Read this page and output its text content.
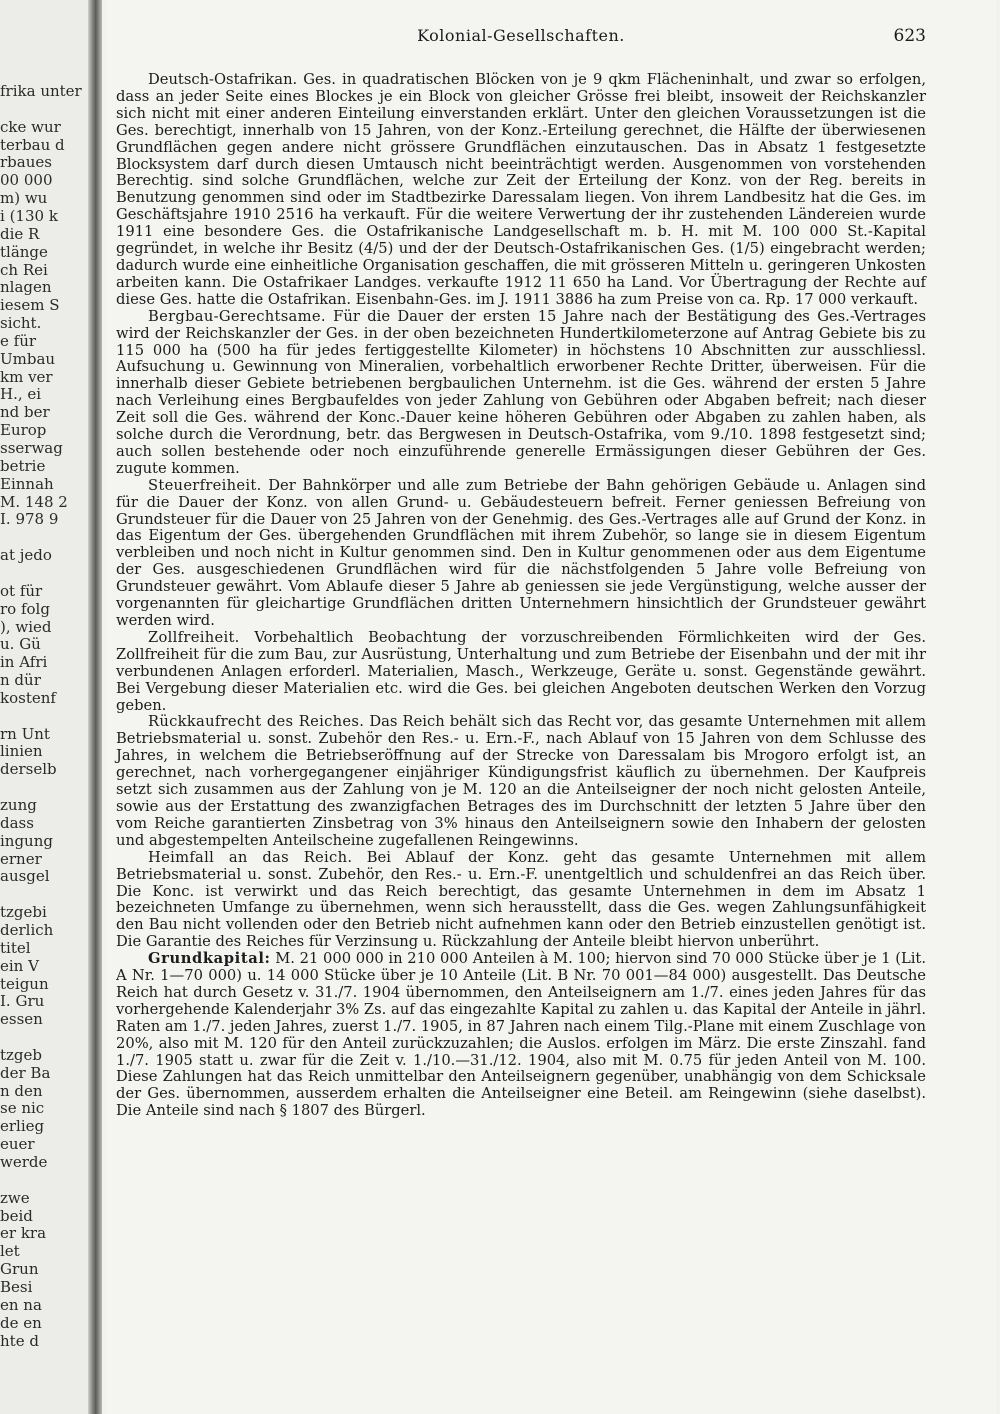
frika unter
cke wur
terbau d
rbaues
00 000
m) wu
i (130 k
die R
tlänge
ch Rei
nlagen
iesem S
sicht.
e für
Umbau
km ver
H., ei
nd ber
Europ
sserwag
betrie
Einnah
M. 148 2
I. 978 9
at jedo
ot für
ro folg
), wied
u. Gü
in Afri
n dür
kostenf
rn Unt
linien
derselb
zung
dass
ingung
erner
ausgel
tzgebi
derlich
titel
ein V
teigun
I. Gru
essen
tzgeb
der Ba
n den
se nic
erlieg
euer
werde
zwe
beid
er kra
let
Grun
Besi
en na
de en
hte d
Kolonial-Gesellschaften.	623

Deutsch-Ostafrikan. Ges. in quadratischen Blöcken von je 9 qkm Flächeninhalt, und zwar so erfolgen, dass an jeder Seite eines Blockes je ein Block von gleicher Grösse frei bleibt, insoweit der Reichskanzler sich nicht mit einer anderen Einteilung einverstanden erklärt. Unter den gleichen Voraussetzungen ist die Ges. berechtigt, innerhalb von 15 Jahren, von der Konz.-Erteilung gerechnet, die Hälfte der überwiesenen Grundflächen gegen andere nicht grössere Grundflächen einzutauschen. Das in Absatz 1 festgesetzte Blocksystem darf durch diesen Umtausch nicht beeinträchtigt werden. Ausgenommen von vorstehenden Berechtig. sind solche Grundflächen, welche zur Zeit der Erteilung der Konz. von der Reg. bereits in Benutzung genommen sind oder im Stadtbezirke Daressalam liegen. Von ihrem Landbesitz hat die Ges. im Geschäftsjahre 1910 2516 ha verkauft. Für die weitere Verwertung der ihr zustehenden Ländereien wurde 1911 eine besondere Ges. die Ostafrikanische Landgesellschaft m. b. H. mit M. 100 000 St.-Kapital gegründet, in welche ihr Besitz (4/5) und der der Deutsch-Ostafrikanischen Ges. (1/5) eingebracht werden; dadurch wurde eine einheitliche Organisation geschaffen, die mit grösseren Mitteln u. geringeren Unkosten arbeiten kann. Die Ostafrikaer Landges. verkaufte 1912 11 650 ha Land. Vor Übertragung der Rechte auf diese Ges. hatte die Ostafrikan. Eisenbahn-Ges. im J. 1911 3886 ha zum Preise von ca. Rp. 17 000 verkauft.

Bergbau-Gerechtsame. Für die Dauer der ersten 15 Jahre nach der Bestätigung des Ges.-Vertrages wird der Reichskanzler der Ges. in der oben bezeichneten Hundertkilometerzone auf Antrag Gebiete bis zu 115 000 ha (500 ha für jedes fertiggestellte Kilometer) in höchstens 10 Abschnitten zur ausschliessl. Aufsuchung u. Gewinnung von Mineralien, vorbehaltlich erworbener Rechte Dritter, überweisen. Für die innerhalb dieser Gebiete betriebenen bergbaulichen Unternehm. ist die Ges. während der ersten 5 Jahre nach Verleihung eines Bergbaufeldes von jeder Zahlung von Gebühren oder Abgaben befreit; nach dieser Zeit soll die Ges. während der Konc.-Dauer keine höheren Gebühren oder Abgaben zu zahlen haben, als solche durch die Verordnung, betr. das Bergwesen in Deutsch-Ostafrika, vom 9./10. 1898 festgesetzt sind; auch sollen bestehende oder noch einzuführende generelle Ermässigungen dieser Gebühren der Ges. zugute kommen.

Steuerfreiheit. Der Bahnkörper und alle zum Betriebe der Bahn gehörigen Gebäude u. Anlagen sind für die Dauer der Konz. von allen Grund- u. Gebäudesteuern befreit. Ferner geniessen Befreiung von Grundsteuer für die Dauer von 25 Jahren von der Genehmig. des Ges.-Vertrages alle auf Grund der Konz. in das Eigentum der Ges. übergehenden Grundflächen mit ihrem Zubehör, so lange sie in diesem Eigentum verbleiben und noch nicht in Kultur genommen sind. Den in Kultur genommenen oder aus dem Eigentume der Ges. ausgeschiedenen Grundflächen wird für die nächstfolgenden 5 Jahre volle Befreiung von Grundsteuer gewährt. Vom Ablaufe dieser 5 Jahre ab geniessen sie jede Vergünstigung, welche ausser der vorgenannten für gleichartige Grundflächen dritten Unternehmern hinsichtlich der Grundsteuer gewährt werden wird.

Zollfreiheit. Vorbehaltlich Beobachtung der vorzuschreibenden Förmlichkeiten wird der Ges. Zollfreiheit für die zum Bau, zur Ausrüstung, Unterhaltung und zum Betriebe der Eisenbahn und der mit ihr verbundenen Anlagen erforderl. Materialien, Masch., Werkzeuge, Geräte u. sonst. Gegenstände gewährt. Bei Vergebung dieser Materialien etc. wird die Ges. bei gleichen Angeboten deutschen Werken den Vorzug geben.

Rückkaufrecht des Reiches. Das Reich behält sich das Recht vor, das gesamte Unternehmen mit allem Betriebsmaterial u. sonst. Zubehör den Res.- u. Ern.-F., nach Ablauf von 15 Jahren von dem Schlusse des Jahres, in welchem die Betriebseröffnung auf der Strecke von Daressalam bis Mrogoro erfolgt ist, an gerechnet, nach vorhergegangener einjähriger Kündigungsfrist käuflich zu übernehmen. Der Kaufpreis setzt sich zusammen aus der Zahlung von je M. 120 an die Anteilseigner der noch nicht gelosten Anteile, sowie aus der Erstattung des zwanzigfachen Betrages des im Durchschnitt der letzten 5 Jahre über den vom Reiche garantierten Zinsbetrag von 3% hinaus den Anteilseignern sowie den Inhabern der gelosten und abgestempelten Anteilscheine zugefallenen Reingewinns.

Heimfall an das Reich. Bei Ablauf der Konz. geht das gesamte Unternehmen mit allem Betriebsmaterial u. sonst. Zubehör, den Res.- u. Ern.-F. unentgeltlich und schuldenfrei an das Reich über. Die Konc. ist verwirkt und das Reich berechtigt, das gesamte Unternehmen in dem im Absatz 1 bezeichneten Umfange zu übernehmen, wenn sich herausstellt, dass die Ges. wegen Zahlungsunfähigkeit den Bau nicht vollenden oder den Betrieb nicht aufnehmen kann oder den Betrieb einzustellen genötigt ist. Die Garantie des Reiches für Verzinsung u. Rückzahlung der Anteile bleibt hiervon unberührt.

Grundkapital: M. 21 000 000 in 210 000 Anteilen à M. 100; hiervon sind 70 000 Stücke über je 1 (Lit. A Nr. 1—70 000) u. 14 000 Stücke über je 10 Anteile (Lit. B Nr. 70 001—84 000) ausgestellt. Das Deutsche Reich hat durch Gesetz v. 31./7. 1904 übernommen, den Anteilseignern am 1./7. eines jeden Jahres für das vorhergehende Kalenderjahr 3% Zs. auf das eingezahlte Kapital zu zahlen u. das Kapital der Anteile in jährl. Raten am 1./7. jeden Jahres, zuerst 1./7. 1905, in 87 Jahren nach einem Tilg.-Plane mit einem Zuschlage von 20%, also mit M. 120 für den Anteil zurückzuzahlen; die Auslos. erfolgen im März. Die erste Zinszahl. fand 1./7. 1905 statt u. zwar für die Zeit v. 1./10.—31./12. 1904, also mit M. 0.75 für jeden Anteil von M. 100. Diese Zahlungen hat das Reich unmittelbar den Anteilseignern gegenüber, unabhängig von dem Schicksale der Ges. übernommen, ausserdem erhalten die Anteilseigner eine Beteil. am Reingewinn (siehe daselbst). Die Anteile sind nach § 1807 des Bürgerl.
